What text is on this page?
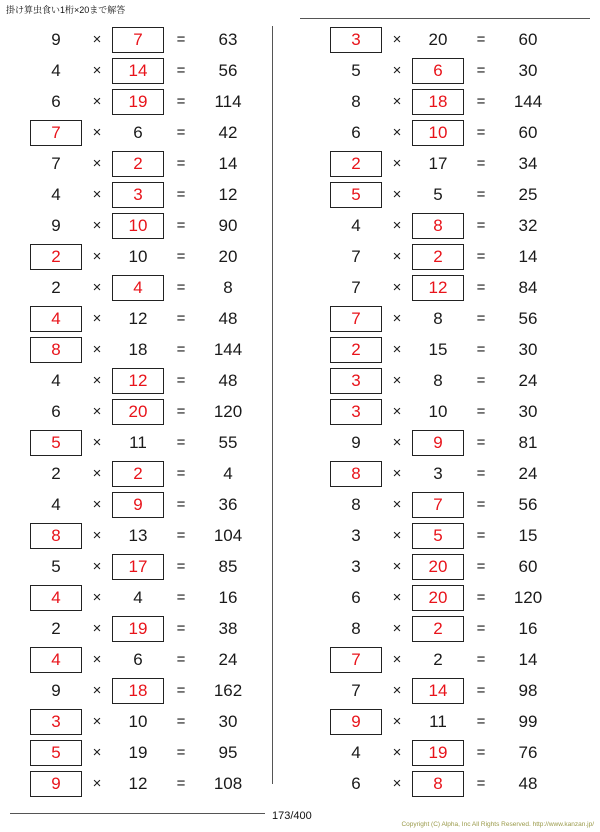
掛け算虫食い1桁×20まで解答
9	×	7	=	63
4	×	14	=	56
6	×	19	=	114
7	×	6	=	42
7	×	2	=	14
4	×	3	=	12
9	×	10	=	90
2	×	10	=	20
2	×	4	=	8
4	×	12	=	48
8	×	18	=	144
4	×	12	=	48
6	×	20	=	120
5	×	11	=	55
2	×	2	=	4
4	×	9	=	36
8	×	13	=	104
5	×	17	=	85
4	×	4	=	16
2	×	19	=	38
4	×	6	=	24
9	×	18	=	162
3	×	10	=	30
5	×	19	=	95
9	×	12	=	108
3	×	20	=	60
5	×	6	=	30
8	×	18	=	144
6	×	10	=	60
2	×	17	=	34
5	×	5	=	25
4	×	8	=	32
7	×	2	=	14
7	×	12	=	84
7	×	8	=	56
2	×	15	=	30
3	×	8	=	24
3	×	10	=	30
9	×	9	=	81
8	×	3	=	24
8	×	7	=	56
3	×	5	=	15
3	×	20	=	60
6	×	20	=	120
8	×	2	=	16
7	×	2	=	14
7	×	14	=	98
9	×	11	=	99
4	×	19	=	76
6	×	8	=	48
173/400
Copyright (C) Alpha, Inc All Rights Reserved. http://www.kanzan.jp/
